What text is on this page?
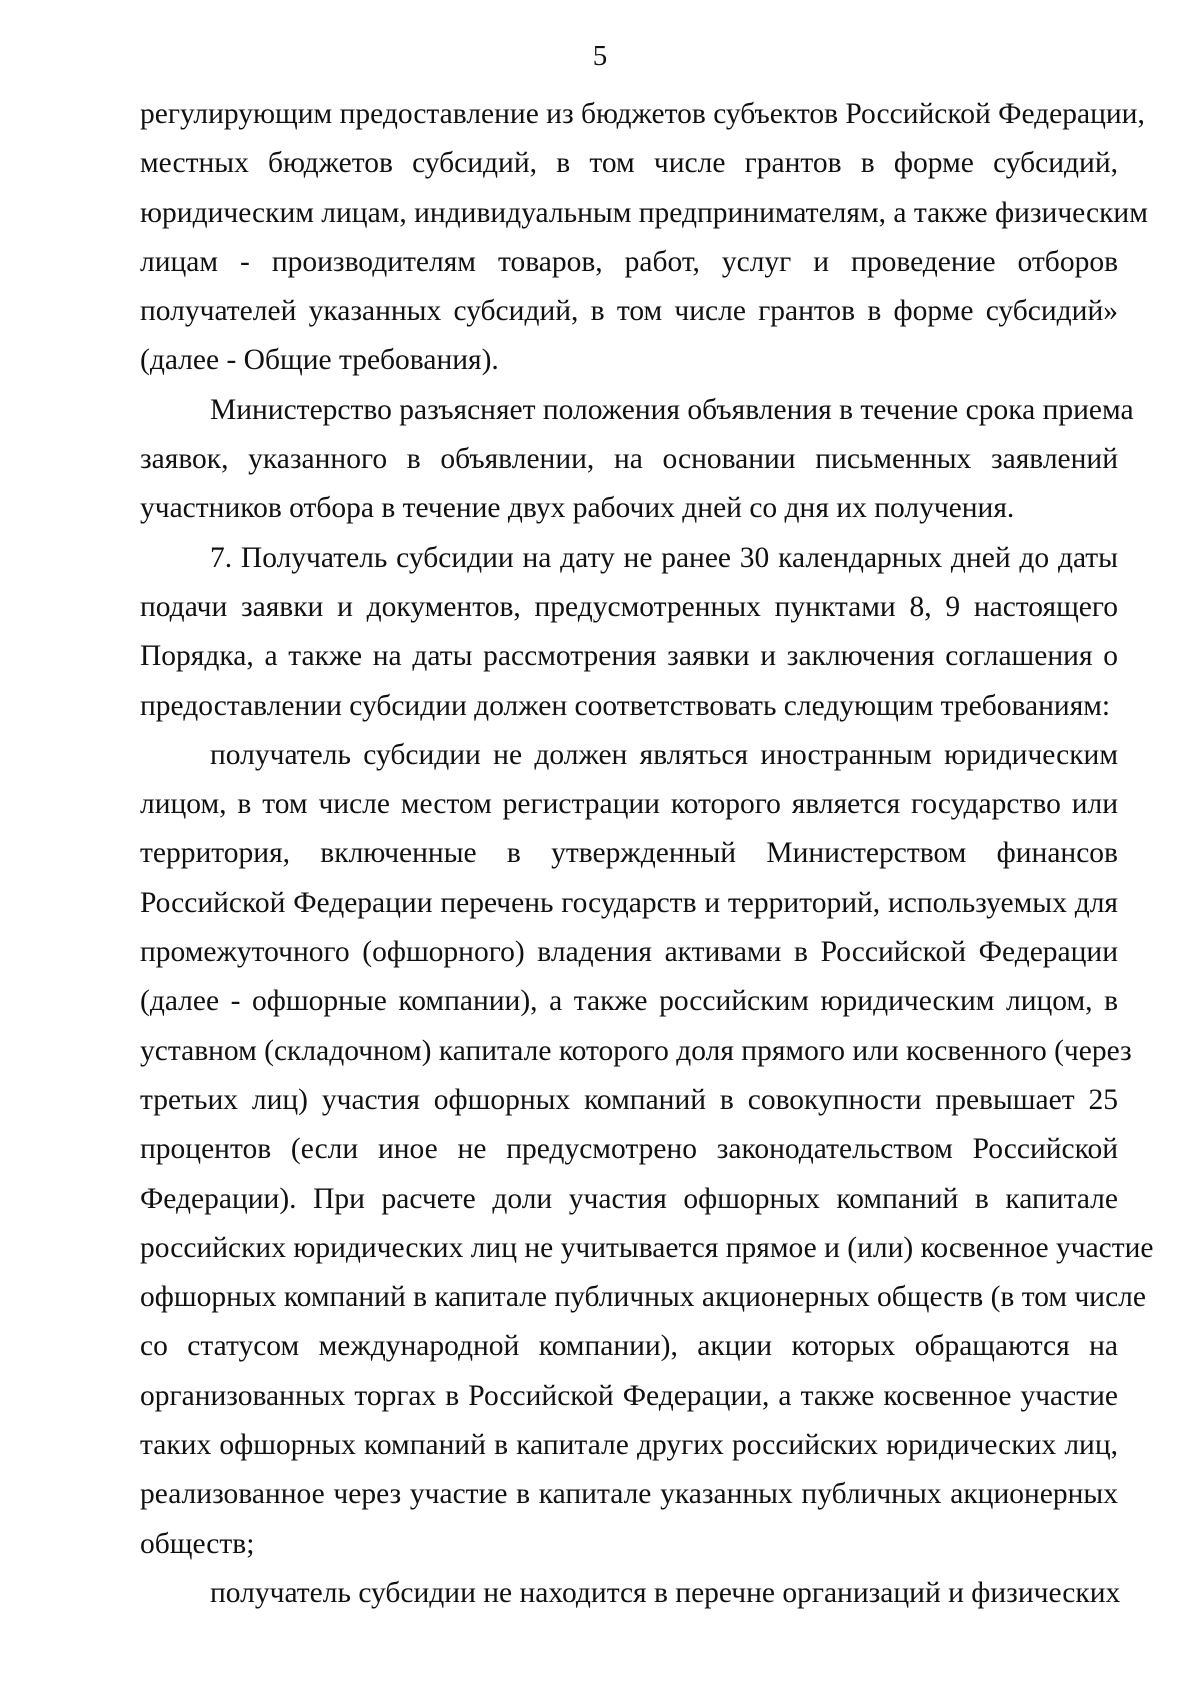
5
регулирующим предоставление из бюджетов субъектов Российской Федерации,
местных бюджетов субсидий, в том числе грантов в форме субсидий,
юридическим лицам, индивидуальным предпринимателям, а также физическим
лицам - производителям товаров, работ, услуг и проведение отборов
получателей указанных субсидий, в том числе грантов в форме субсидий»
(далее - Общие требования).
Министерство разъясняет положения объявления в течение срока приема
заявок, указанного в объявлении, на основании письменных заявлений
участников отбора в течение двух рабочих дней со дня их получения.
7. Получатель субсидии на дату не ранее 30 календарных дней до даты
подачи заявки и документов, предусмотренных пунктами 8, 9 настоящего
Порядка, а также на даты рассмотрения заявки и заключения соглашения о
предоставлении субсидии должен соответствовать следующим требованиям:
получатель субсидии не должен являться иностранным юридическим
лицом, в том числе местом регистрации которого является государство или
территория, включенные в утвержденный Министерством финансов
Российской Федерации перечень государств и территорий, используемых для
промежуточного (офшорного) владения активами в Российской Федерации
(далее - офшорные компании), а также российским юридическим лицом, в
уставном (складочном) капитале которого доля прямого или косвенного (через
третьих лиц) участия офшорных компаний в совокупности превышает 25
процентов (если иное не предусмотрено законодательством Российской
Федерации). При расчете доли участия офшорных компаний в капитале
российских юридических лиц не учитывается прямое и (или) косвенное участие
офшорных компаний в капитале публичных акционерных обществ (в том числе
со статусом международной компании), акции которых обращаются на
организованных торгах в Российской Федерации, а также косвенное участие
таких офшорных компаний в капитале других российских юридических лиц,
реализованное через участие в капитале указанных публичных акционерных
обществ;
получатель субсидии не находится в перечне организаций и физических
